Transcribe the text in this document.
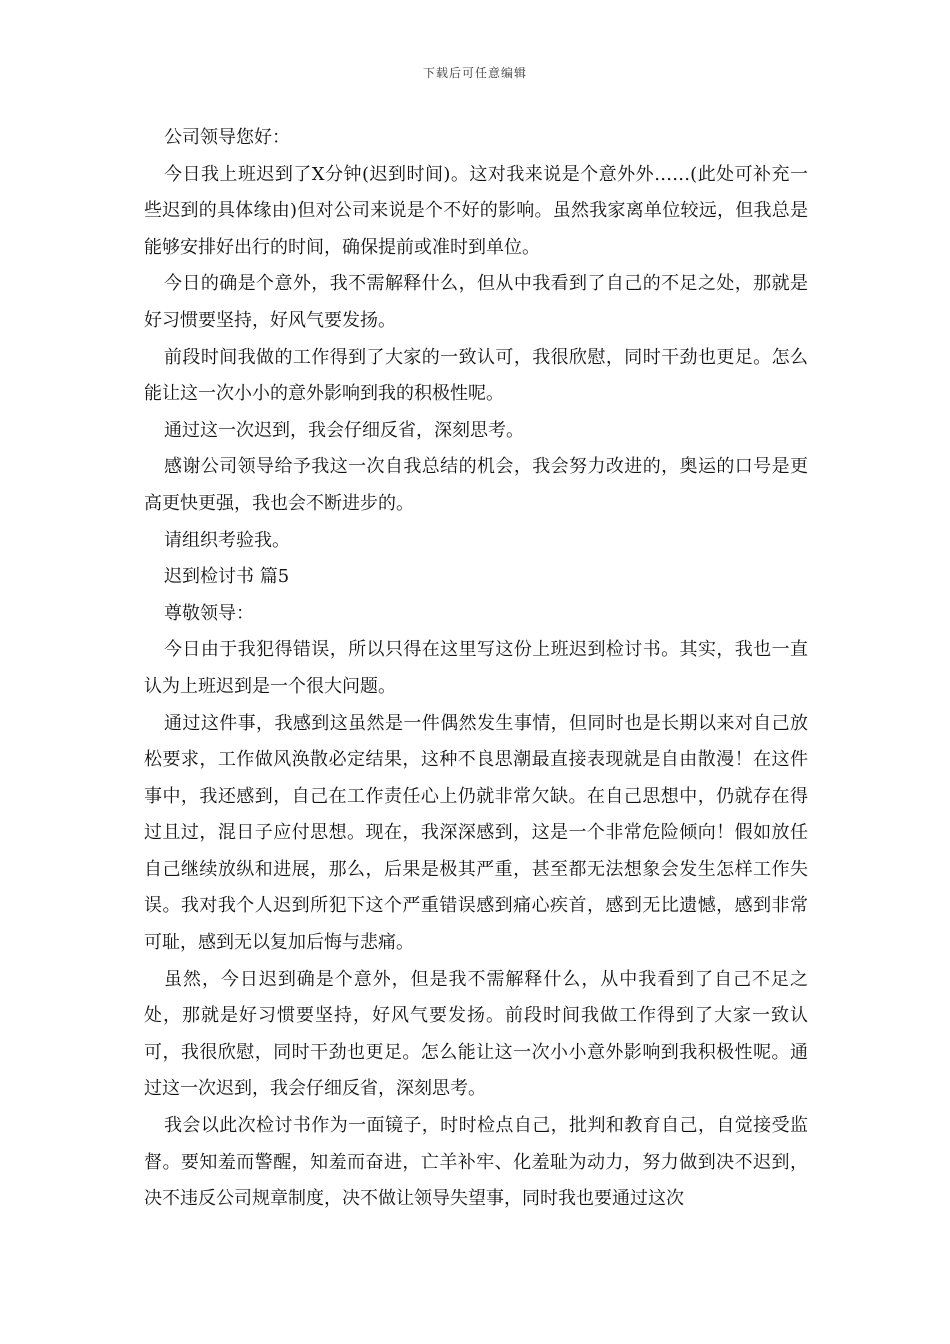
下载后可任意编辑

公司领导您好：

今日我上班迟到了X分钟(迟到时间)。这对我来说是个意外外……(此处可补充一些迟到的具体缘由)但对公司来说是个不好的影响。虽然我家离单位较远，但我总是能够安排好出行的时间，确保提前或准时到单位。

今日的确是个意外，我不需解释什么，但从中我看到了自己的不足之处，那就是好习惯要坚持，好风气要发扬。

前段时间我做的工作得到了大家的一致认可，我很欣慰，同时干劲也更足。怎么能让这一次小小的意外影响到我的积极性呢。

通过这一次迟到，我会仔细反省，深刻思考。

感谢公司领导给予我这一次自我总结的机会，我会努力改进的，奥运的口号是更高更快更强，我也会不断进步的。

请组织考验我。

迟到检讨书 篇5

尊敬领导：

今日由于我犯得错误，所以只得在这里写这份上班迟到检讨书。其实，我也一直认为上班迟到是一个很大问题。

通过这件事，我感到这虽然是一件偶然发生事情，但同时也是长期以来对自己放松要求，工作做风涣散必定结果，这种不良思潮最直接表现就是自由散漫！在这件事中，我还感到，自己在工作责任心上仍就非常欠缺。在自己思想中，仍就存在得过且过，混日子应付思想。现在，我深深感到，这是一个非常危险倾向！假如放任自己继续放纵和进展，那么，后果是极其严重，甚至都无法想象会发生怎样工作失误。我对我个人迟到所犯下这个严重错误感到痛心疾首，感到无比遗憾，感到非常可耻，感到无以复加后悔与悲痛。

虽然，今日迟到确是个意外，但是我不需解释什么，从中我看到了自己不足之处，那就是好习惯要坚持，好风气要发扬。前段时间我做工作得到了大家一致认可，我很欣慰，同时干劲也更足。怎么能让这一次小小意外影响到我积极性呢。通过这一次迟到，我会仔细反省，深刻思考。

我会以此次检讨书作为一面镜子，时时检点自己，批判和教育自己，自觉接受监督。要知羞而警醒，知羞而奋进，亡羊补牢、化羞耻为动力，努力做到决不迟到，决不违反公司规章制度，决不做让领导失望事，同时我也要通过这次
